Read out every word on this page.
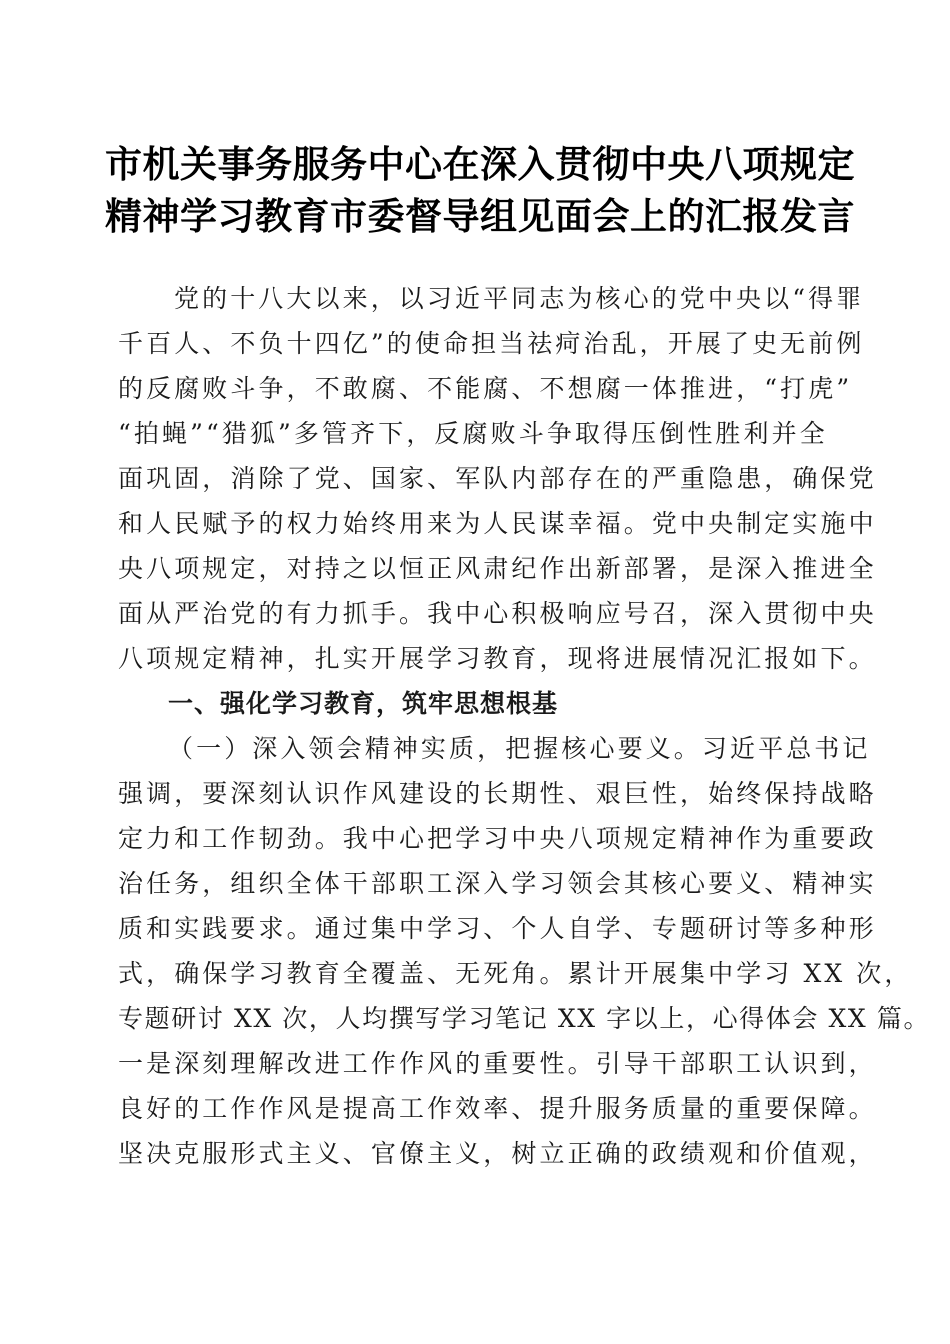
市机关事务服务中心在深入贯彻中央八项规定
精神学习教育市委督导组见面会上的汇报发言
党的十八大以来，以习近平同志为核心的党中央以“得罪
千百人、不负十四亿”的使命担当祛疴治乱，开展了史无前例
的反腐败斗争，不敢腐、不能腐、不想腐一体推进，“打虎”
“拍蝇”“猎狐”多管齐下，反腐败斗争取得压倒性胜利并全
面巩固，消除了党、国家、军队内部存在的严重隐患，确保党
和人民赋予的权力始终用来为人民谋幸福。党中央制定实施中
央八项规定，对持之以恒正风肃纪作出新部署，是深入推进全
面从严治党的有力抓手。我中心积极响应号召，深入贯彻中央
八项规定精神，扎实开展学习教育，现将进展情况汇报如下。
一、强化学习教育，筑牢思想根基
（一）深入领会精神实质，把握核心要义。习近平总书记
强调，要深刻认识作风建设的长期性、艰巨性，始终保持战略
定力和工作韧劲。我中心把学习中央八项规定精神作为重要政
治任务，组织全体干部职工深入学习领会其核心要义、精神实
质和实践要求。通过集中学习、个人自学、专题研讨等多种形
式，确保学习教育全覆盖、无死角。累计开展集中学习 XX 次，
专题研讨 XX 次，人均撰写学习笔记 XX 字以上，心得体会 XX 篇。
一是深刻理解改进工作作风的重要性。引导干部职工认识到，
良好的工作作风是提高工作效率、提升服务质量的重要保障。
坚决克服形式主义、官僚主义，树立正确的政绩观和价值观，
